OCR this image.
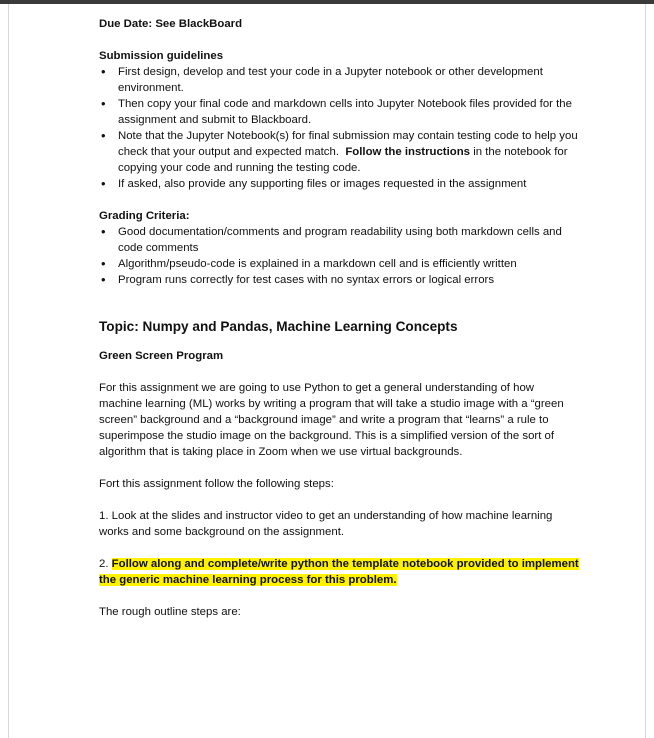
Due Date: See BlackBoard

Submission guidelines

• First design, develop and test your code in a Jupyter notebook or other development environment.
• Then copy your final code and markdown cells into Jupyter Notebook files provided for the assignment and submit to Blackboard.
• Note that the Jupyter Notebook(s) for final submission may contain testing code to help you check that your output and expected match. Follow the instructions in the notebook for copying your code and running the testing code.
• If asked, also provide any supporting files or images requested in the assignment

Grading Criteria:

• Good documentation/comments and program readability using both markdown cells and code comments
• Algorithm/pseudo-code is explained in a markdown cell and is efficiently written
• Program runs correctly for test cases with no syntax errors or logical errors

Topic: Numpy and Pandas, Machine Learning Concepts

Green Screen Program

For this assignment we are going to use Python to get a general understanding of how machine learning (ML) works by writing a program that will take a studio image with a “green screen” background and a “background image” and write a program that “learns” a rule to superimpose the studio image on the background. This is a simplified version of the sort of algorithm that is taking place in Zoom when we use virtual backgrounds.

Fort this assignment follow the following steps:

1. Look at the slides and instructor video to get an understanding of how machine learning works and some background on the assignment.

2. Follow along and complete/write python the template notebook provided to implement the generic machine learning process for this problem.

The rough outline steps are:
